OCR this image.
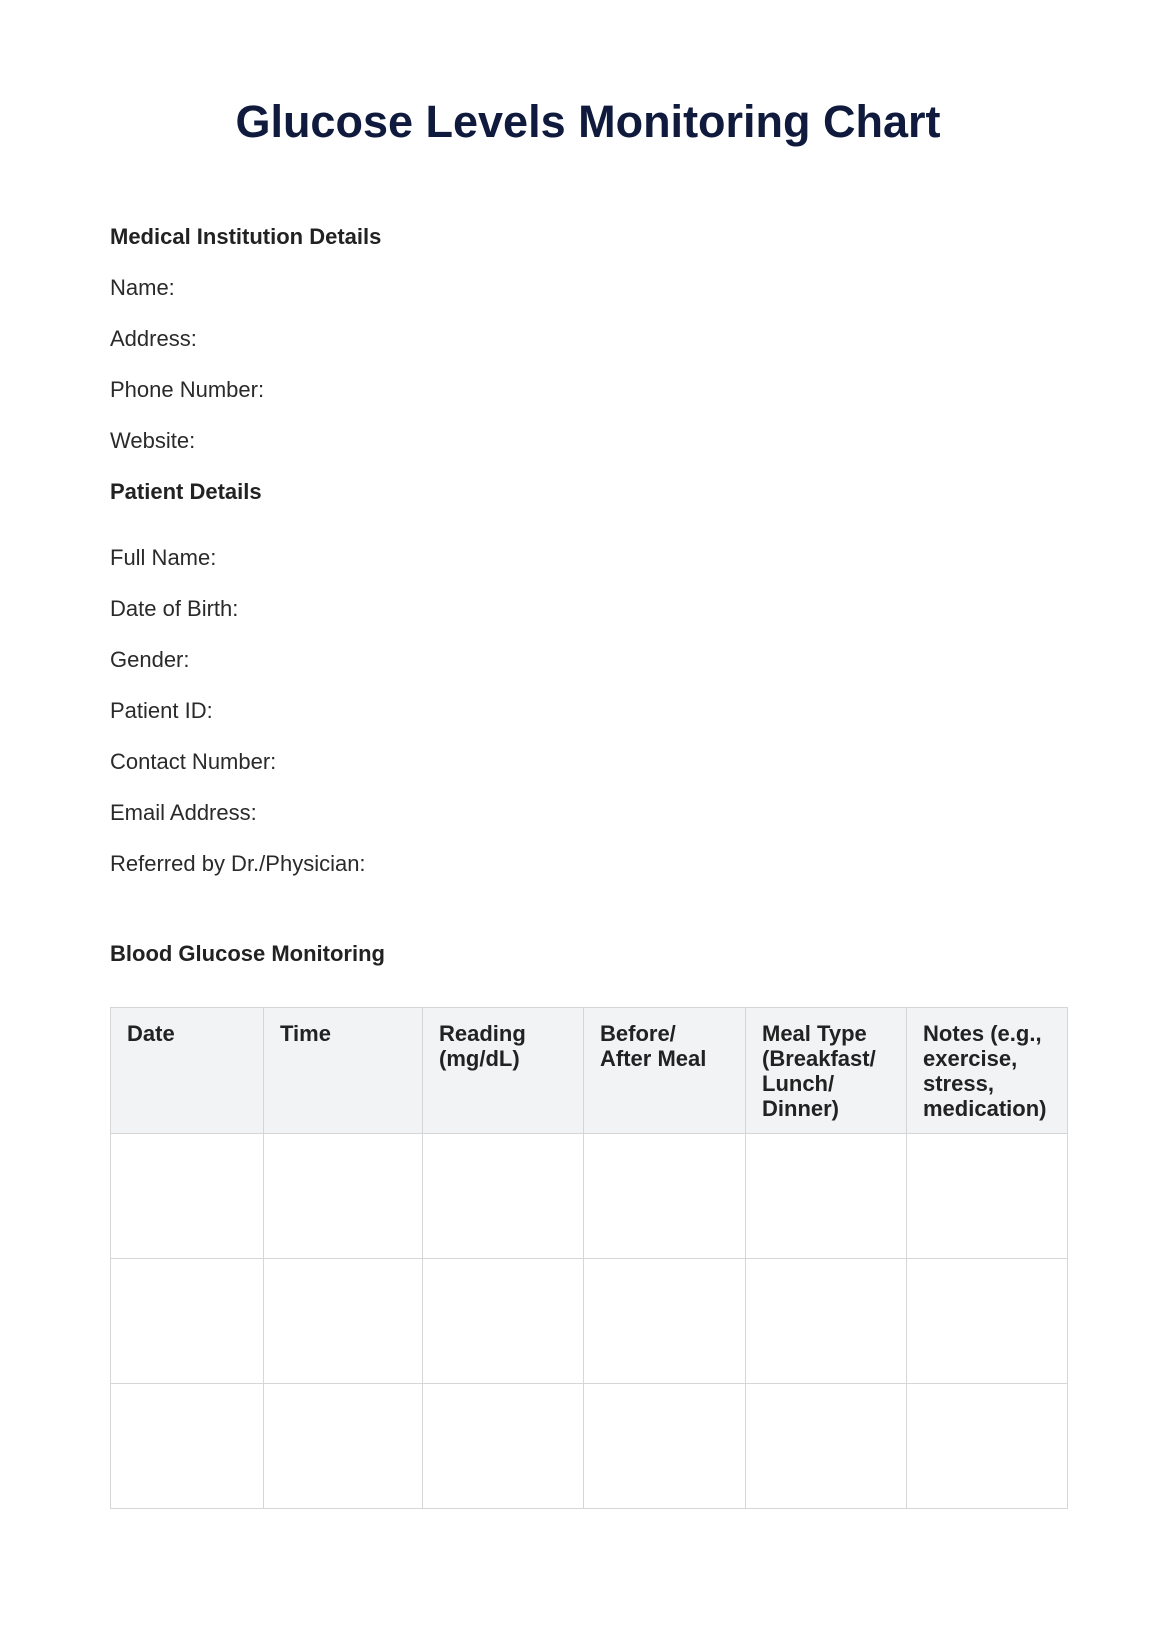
Glucose Levels Monitoring Chart
Medical Institution Details
Name:
Address:
Phone Number:
Website:
Patient Details
Full Name:
Date of Birth:
Gender:
Patient ID:
Contact Number:
Email Address:
Referred by Dr./Physician:
Blood Glucose Monitoring
Date	Time	Reading (mg/dL)	Before/ After Meal	Meal Type (Breakfast/ Lunch/ Dinner)	Notes (e.g., exercise, stress, medication)
